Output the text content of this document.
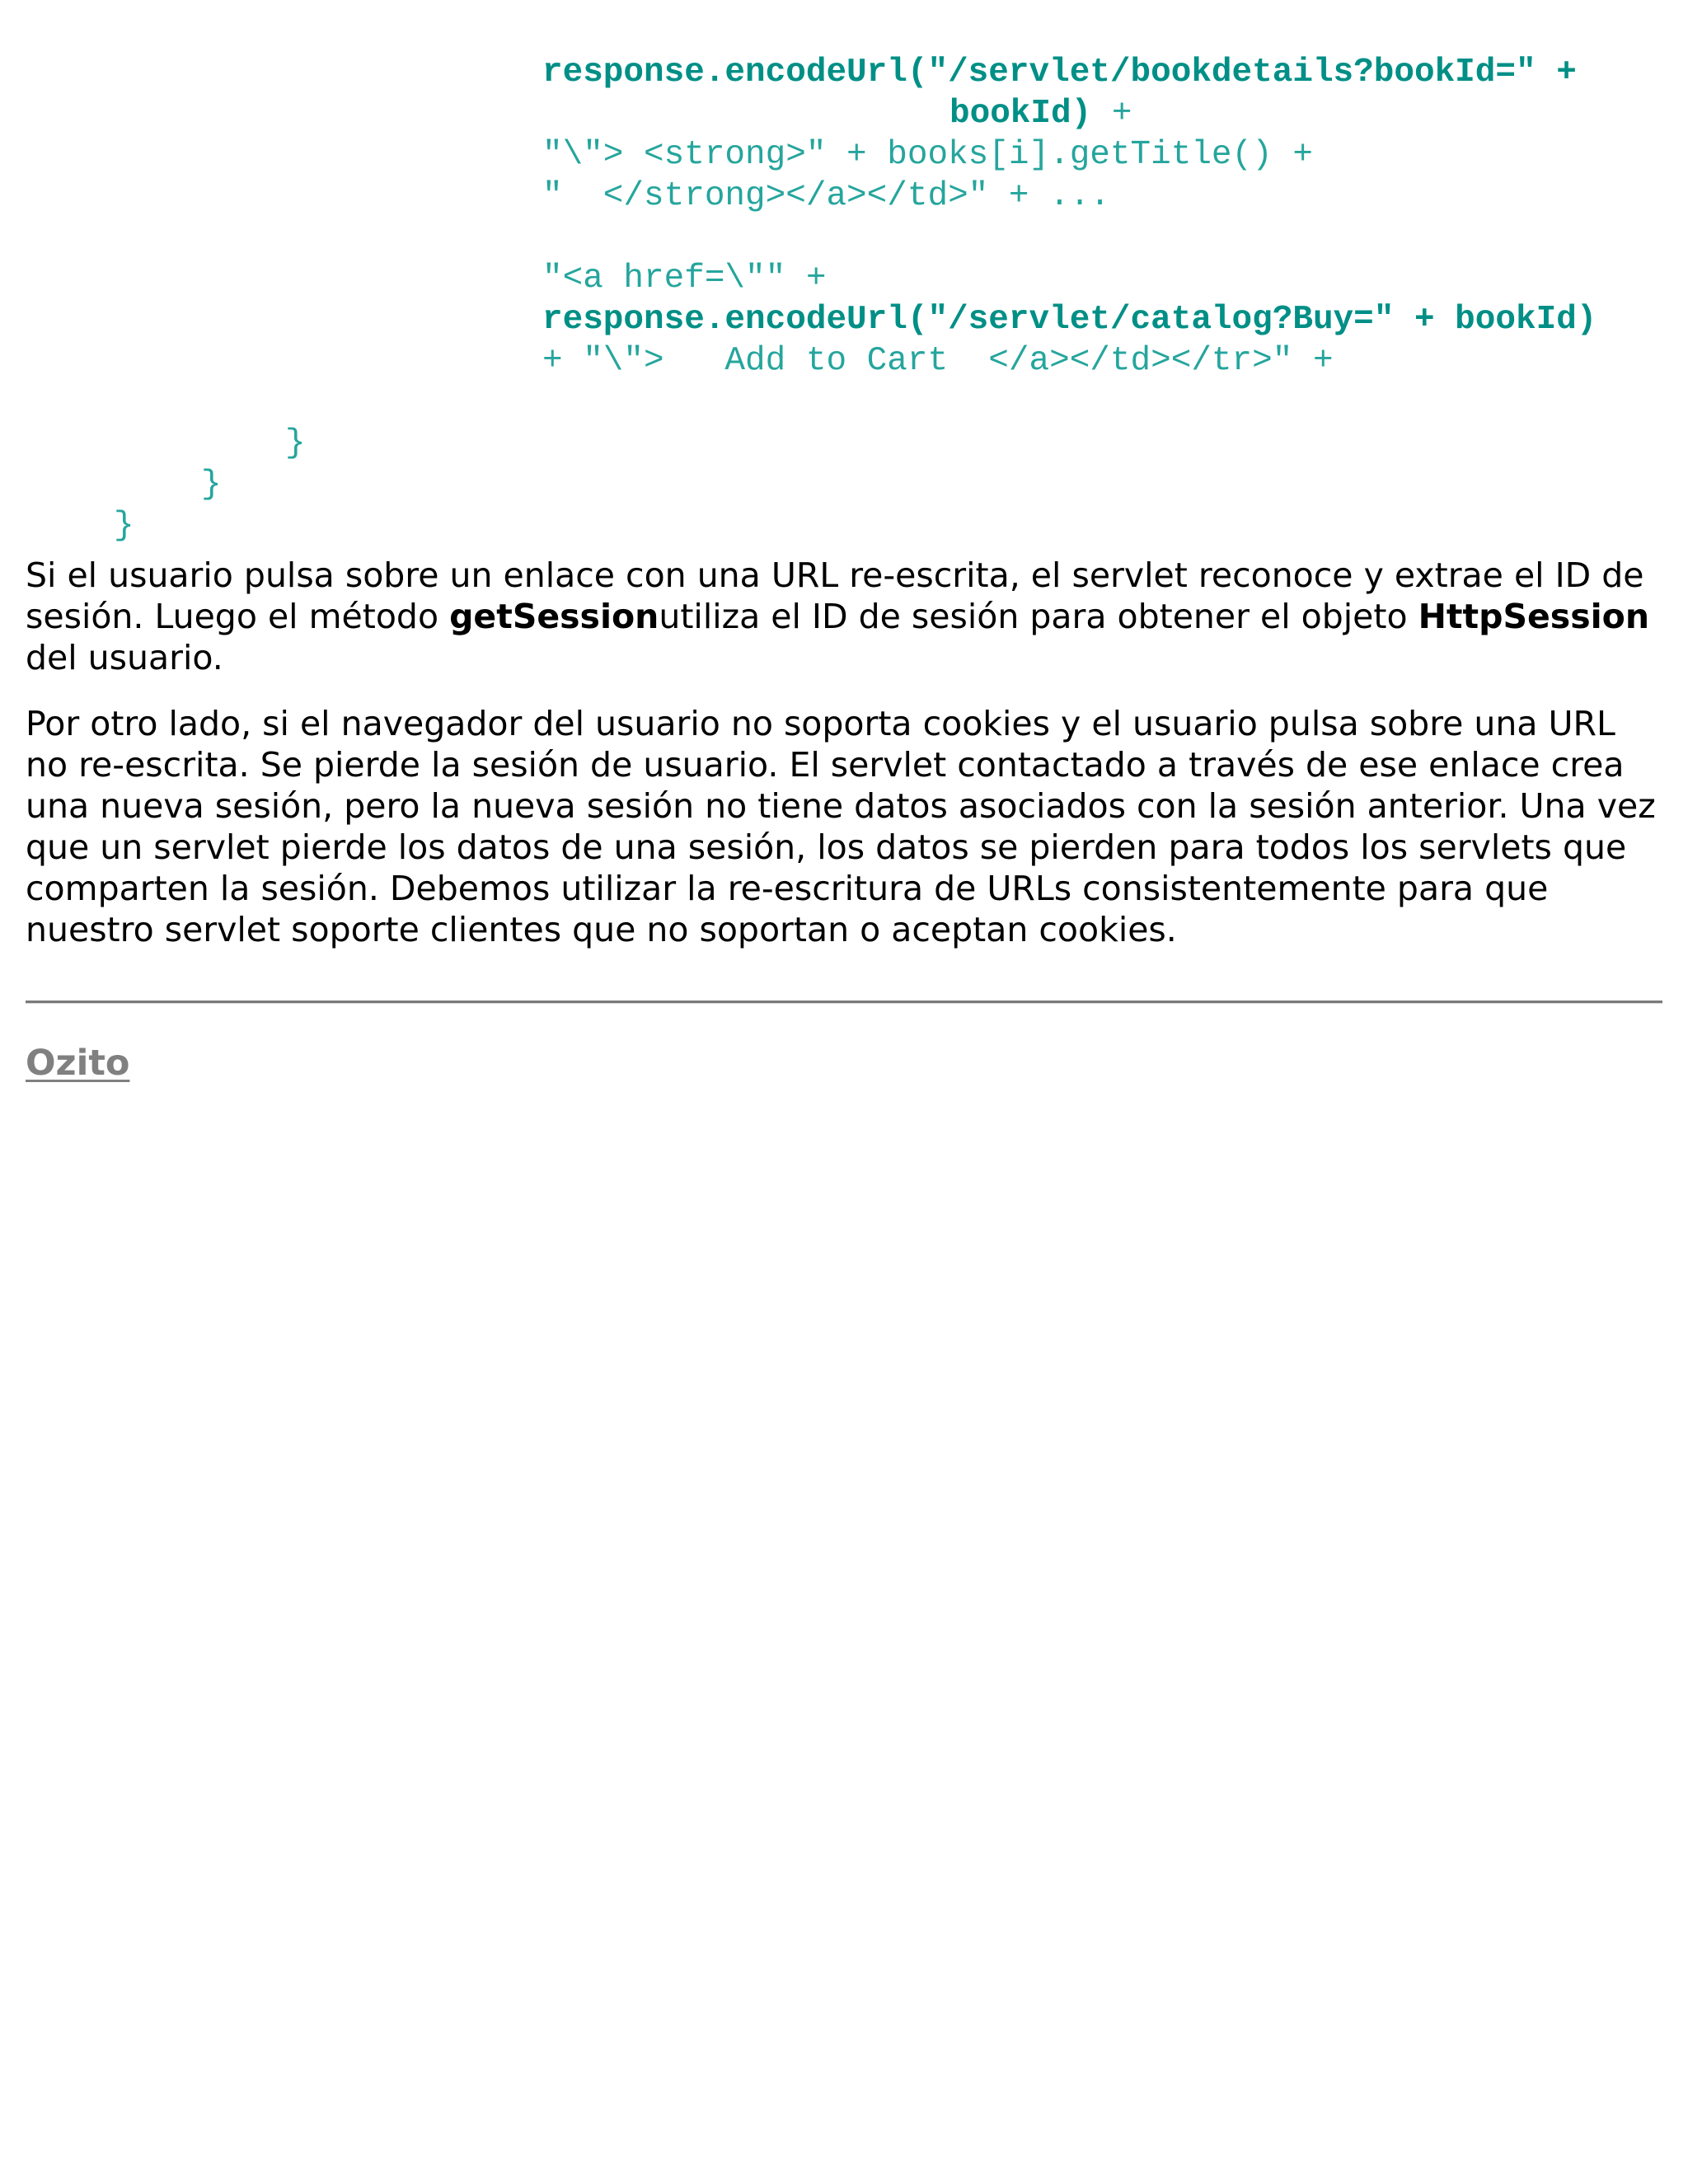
response.encodeUrl("/servlet/bookdetails?bookId=" +
bookId) +
"\"> <strong>" + books[i].getTitle() +
"  </strong></a></td>" + ...
"<a href=\"" +
response.encodeUrl("/servlet/catalog?Buy=" + bookId)
+ "\">   Add to Cart  </a></td></tr>" +
}
}
}

Si el usuario pulsa sobre un enlace con una URL re-escrita, el servlet reconoce y extrae el ID de sesión. Luego el método getSessionutiliza el ID de sesión para obtener el objeto HttpSession del usuario.

Por otro lado, si el navegador del usuario no soporta cookies y el usuario pulsa sobre una URL no re-escrita. Se pierde la sesión de usuario. El servlet contactado a través de ese enlace crea una nueva sesión, pero la nueva sesión no tiene datos asociados con la sesión anterior. Una vez que un servlet pierde los datos de una sesión, los datos se pierden para todos los servlets que comparten la sesión. Debemos utilizar la re-escritura de URLs consistentemente para que nuestro servlet soporte clientes que no soportan o aceptan cookies.

Ozito
